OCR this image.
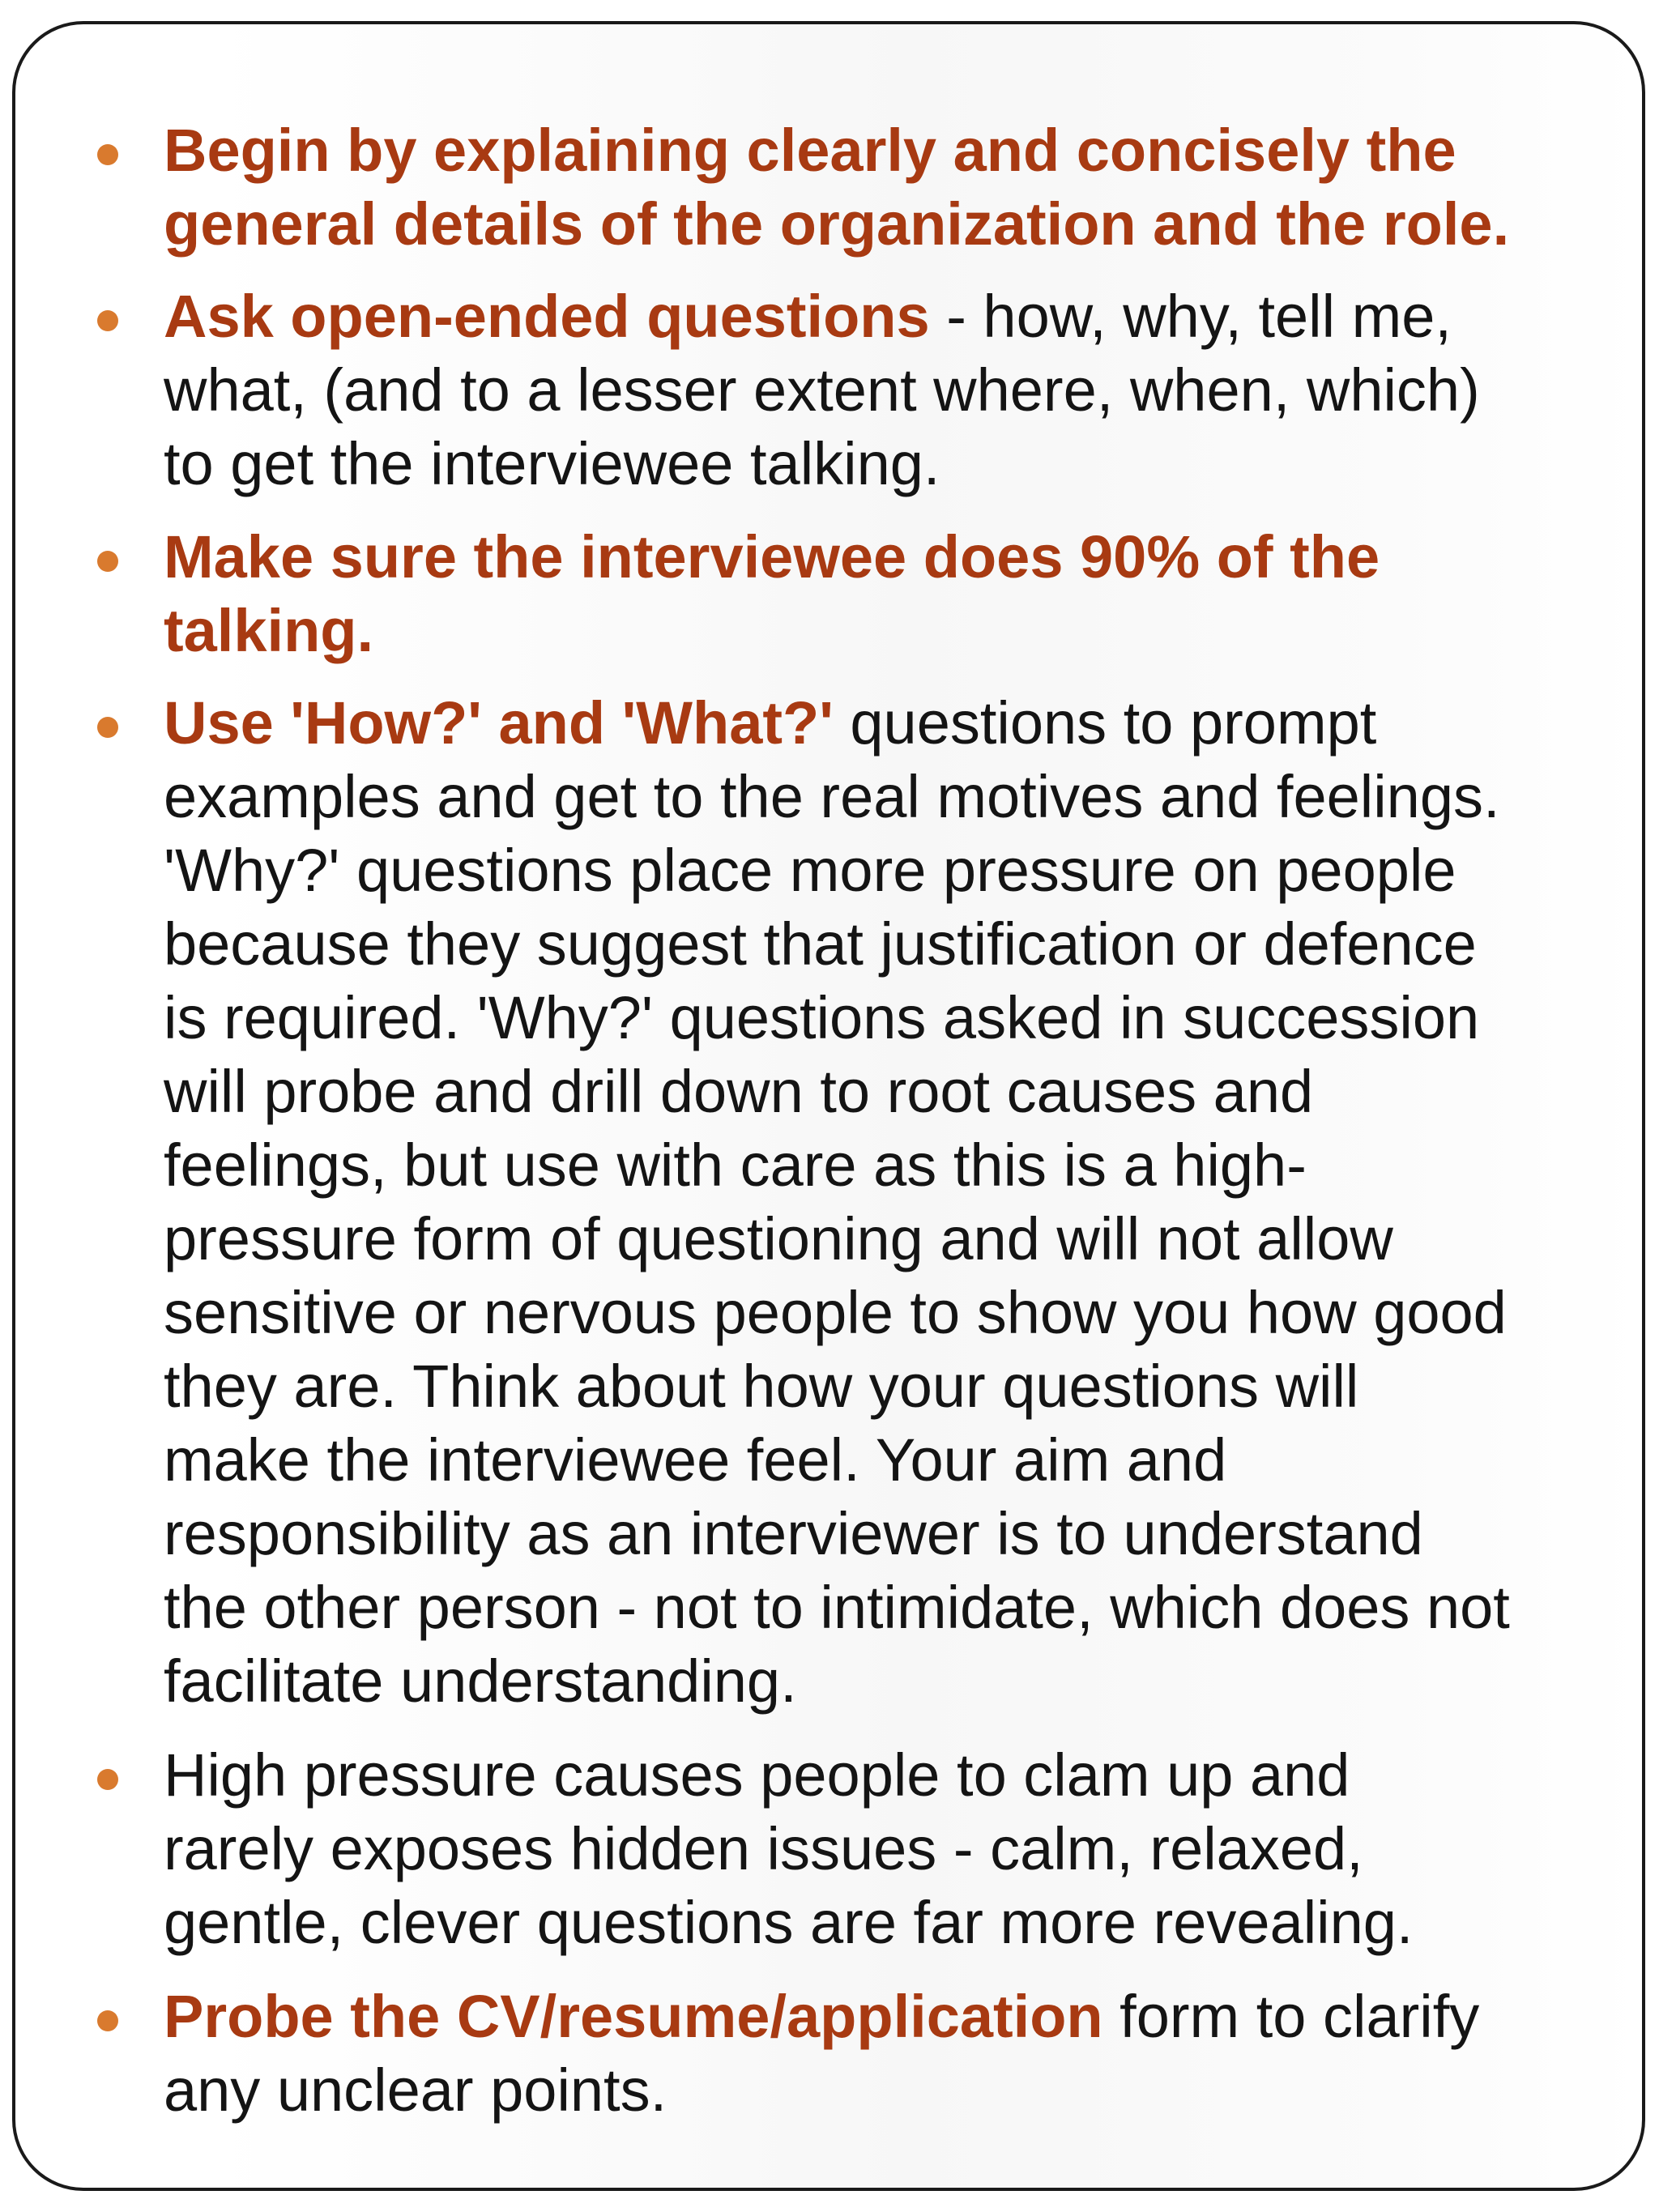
Begin by explaining clearly and concisely the
general details of the organization and the role.

Ask open-ended questions - how, why, tell me,
what, (and to a lesser extent where, when, which)
to get the interviewee talking.

Make sure the interviewee does 90% of the
talking.

Use 'How?' and 'What?' questions to prompt
examples and get to the real motives and feelings.
'Why?' questions place more pressure on people
because they suggest that justification or defence
is required. 'Why?' questions asked in succession
will probe and drill down to root causes and
feelings, but use with care as this is a high-
pressure form of questioning and will not allow
sensitive or nervous people to show you how good
they are. Think about how your questions will
make the interviewee feel. Your aim and
responsibility as an interviewer is to understand
the other person - not to intimidate, which does not
facilitate understanding.

High pressure causes people to clam up and
rarely exposes hidden issues - calm, relaxed,
gentle, clever questions are far more revealing.

Probe the CV/resume/application form to clarify
any unclear points.
